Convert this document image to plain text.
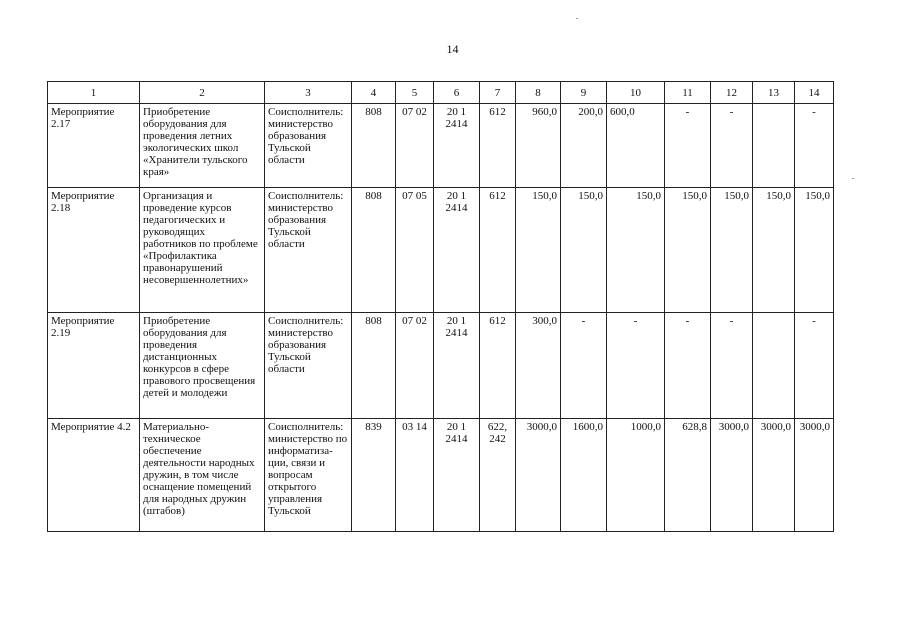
14
1	2	3	4	5	6	7	8	9	10	11	12	13	14
Мероприятие 2.17	Приобретение оборудования для проведения летних экологических школ «Хранители тульского края»	Соисполнитель: министерство образования Тульской области	808	07 02	20 1 2414	612	960,0	200,0	600,0	-	-		-
Мероприятие 2.18	Организация и проведение курсов педагогических и руководящих работников по проблеме «Профилактика правонарушений несовершеннолетних»	Соисполнитель: министерство образования Тульской области	808	07 05	20 1 2414	612	150,0	150,0	150,0	150,0	150,0	150,0	150,0
Мероприятие 2.19	Приобретение оборудования для проведения дистанционных конкурсов в сфере правового просвещения детей и молодежи	Соисполнитель: министерство образования Тульской области	808	07 02	20 1 2414	612	300,0	-	-	-	-		-
Мероприятие 4.2	Материально-техническое обеспечение деятельности народных дружин, в том числе оснащение помещений для народных дружин (штабов)	Соисполнитель: министерство по информатиза-ции, связи и вопросам открытого управления Тульской	839	03 14	20 1 2414	622, 242	3000,0	1600,0	1000,0	628,8	3000,0	3000,0	3000,0
